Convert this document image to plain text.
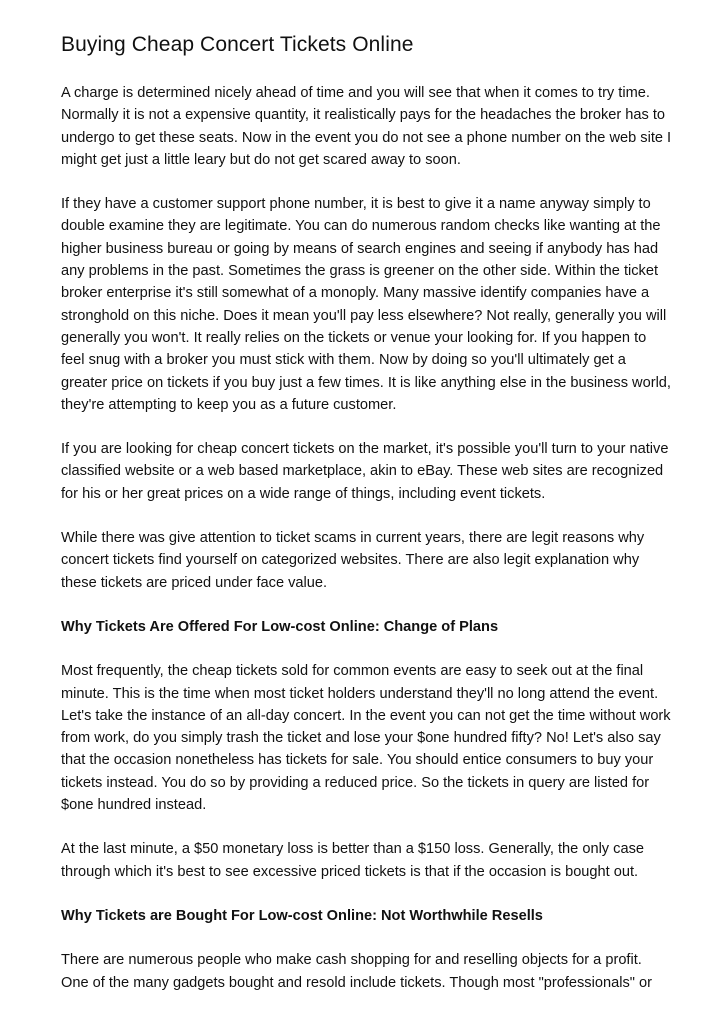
Buying Cheap Concert Tickets Online

A charge is determined nicely ahead of time and you will see that when it comes to try time. Normally it is not a expensive quantity, it realistically pays for the headaches the broker has to undergo to get these seats. Now in the event you do not see a phone number on the web site I might get just a little leary but do not get scared away to soon.

If they have a customer support phone number, it is best to give it a name anyway simply to double examine they are legitimate. You can do numerous random checks like wanting at the higher business bureau or going by means of search engines and seeing if anybody has had any problems in the past. Sometimes the grass is greener on the other side. Within the ticket broker enterprise it's still somewhat of a monoply. Many massive identify companies have a stronghold on this niche. Does it mean you'll pay less elsewhere? Not really, generally you will generally you won't. It really relies on the tickets or venue your looking for. If you happen to feel snug with a broker you must stick with them. Now by doing so you'll ultimately get a greater price on tickets if you buy just a few times. It is like anything else in the business world, they're attempting to keep you as a future customer.

If you are looking for cheap concert tickets on the market, it's possible you'll turn to your native classified website or a web based marketplace, akin to eBay. These web sites are recognized for his or her great prices on a wide range of things, including event tickets.

While there was give attention to ticket scams in current years, there are legit reasons why concert tickets find yourself on categorized websites. There are also legit explanation why these tickets are priced under face value.

Why Tickets Are Offered For Low-cost Online: Change of Plans

Most frequently, the cheap tickets sold for common events are easy to seek out at the final minute. This is the time when most ticket holders understand they'll no long attend the event. Let's take the instance of an all-day concert. In the event you can not get the time without work from work, do you simply trash the ticket and lose your $one hundred fifty? No! Let's also say that the occasion nonetheless has tickets for sale. You should entice consumers to buy your tickets instead. You do so by providing a reduced price. So the tickets in query are listed for $one hundred instead.

At the last minute, a $50 monetary loss is better than a $150 loss. Generally, the only case through which it's best to see excessive priced tickets is that if the occasion is bought out.

Why Tickets are Bought For Low-cost Online: Not Worthwhile Resells

There are numerous people who make cash shopping for and reselling objects for a profit. One of the many gadgets bought and resold include tickets. Though most "professionals" or
